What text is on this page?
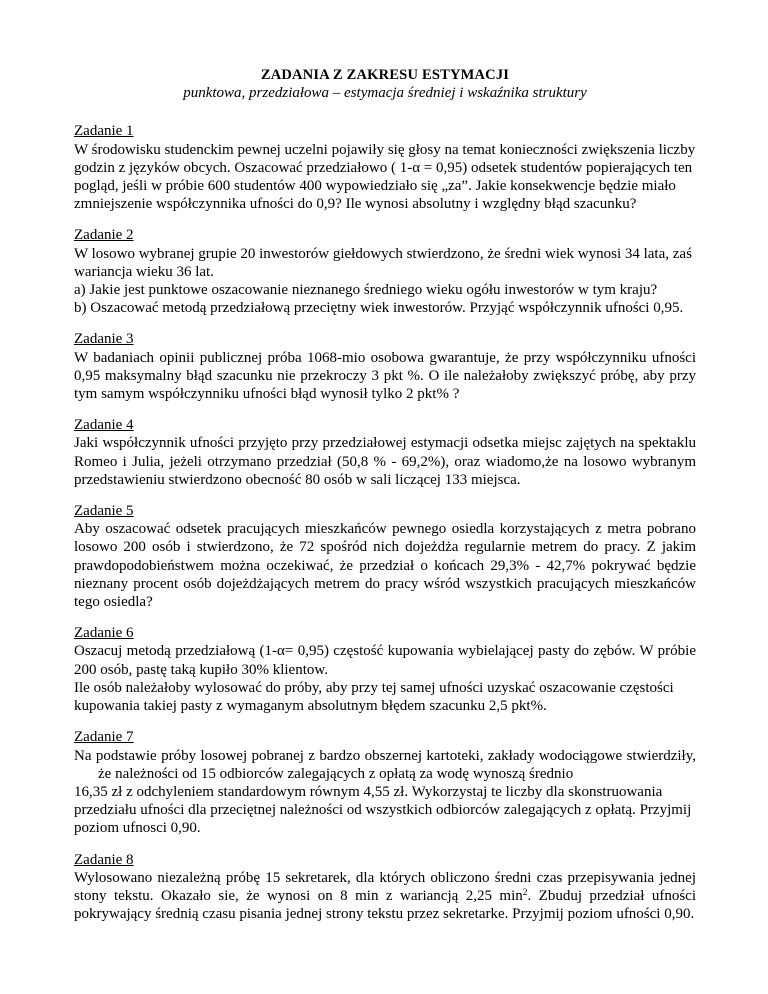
ZADANIA Z ZAKRESU ESTYMACJI
punktowa, przedziałowa – estymacja średniej i wskaźnika struktury
Zadanie 1

W środowisku studenckim pewnej uczelni pojawiły się głosy na temat konieczności zwiększenia liczby godzin z języków obcych. Oszacować przedziałowo ( 1-α = 0,95) odsetek studentów popierających ten pogląd, jeśli w próbie 600 studentów 400 wypowiedziało się „za”. Jakie konsekwencje będzie miało zmniejszenie współczynnika ufności do 0,9? Ile wynosi absolutny i względny błąd szacunku?

Zadanie 2

W losowo wybranej grupie 20 inwestorów giełdowych stwierdzono, że średni wiek wynosi 34 lata, zaś wariancja wieku 36 lat.

a) Jakie jest punktowe oszacowanie nieznanego średniego wieku ogółu inwestorów w tym kraju?

b) Oszacować metodą przedziałową przeciętny wiek inwestorów. Przyjąć współczynnik ufności 0,95.

Zadanie 3

W badaniach opinii publicznej próba 1068-mio osobowa gwarantuje, że przy współczynniku ufności 0,95 maksymalny błąd szacunku nie przekroczy 3 pkt %. O ile należałoby zwiększyć próbę, aby przy tym samym współczynniku ufności błąd wynosił tylko 2 pkt% ?

Zadanie 4

Jaki współczynnik ufności przyjęto przy przedziałowej estymacji odsetka miejsc zajętych na spektaklu Romeo i Julia, jeżeli otrzymano przedział (50,8 % - 69,2%), oraz wiadomo,że na losowo wybranym przedstawieniu stwierdzono obecność 80 osób w sali liczącej 133 miejsca.

Zadanie 5

Aby oszacować odsetek pracujących mieszkańców pewnego osiedla korzystających z metra pobrano losowo 200 osób i stwierdzono, że 72 spośród nich dojeżdża regularnie metrem do pracy. Z jakim prawdopodobieństwem można oczekiwać, że przedział o końcach 29,3% - 42,7% pokrywać będzie nieznany procent osób dojeżdżających metrem do pracy wśród wszystkich pracujących mieszkańców tego osiedla?

Zadanie 6

Oszacuj metodą przedziałową (1-α= 0,95) częstość kupowania wybielającej pasty do zębów. W próbie 200 osób, pastę taką kupiło 30% klientow.

Ile osób należałoby wylosować do próby, aby przy tej samej ufności uzyskać oszacowanie częstości kupowania takiej pasty z wymaganym absolutnym błędem szacunku 2,5 pkt%.

Zadanie 7

Na podstawie próby losowej pobranej z bardzo obszernej kartoteki, zakłady wodociągowe stwierdziły, że należności od 15 odbiorców zalegających z opłatą za wodę wynoszą średnio

16,35 zł z odchyleniem standardowym równym 4,55 zł. Wykorzystaj te liczby dla skonstruowania przedziału ufności dla przeciętnej należności od wszystkich odbiorców zalegających z opłatą. Przyjmij poziom ufnosci 0,90.

Zadanie 8

Wylosowano niezależną próbę 15 sekretarek, dla których obliczono średni czas przepisywania jednej stony tekstu. Okazało sie, że wynosi on 8 min z wariancją 2,25 $\min^2$. Zbuduj przedział ufności pokrywający średnią czasu pisania jednej strony tekstu przez sekretarke. Przyjmij poziom ufności 0,90.
